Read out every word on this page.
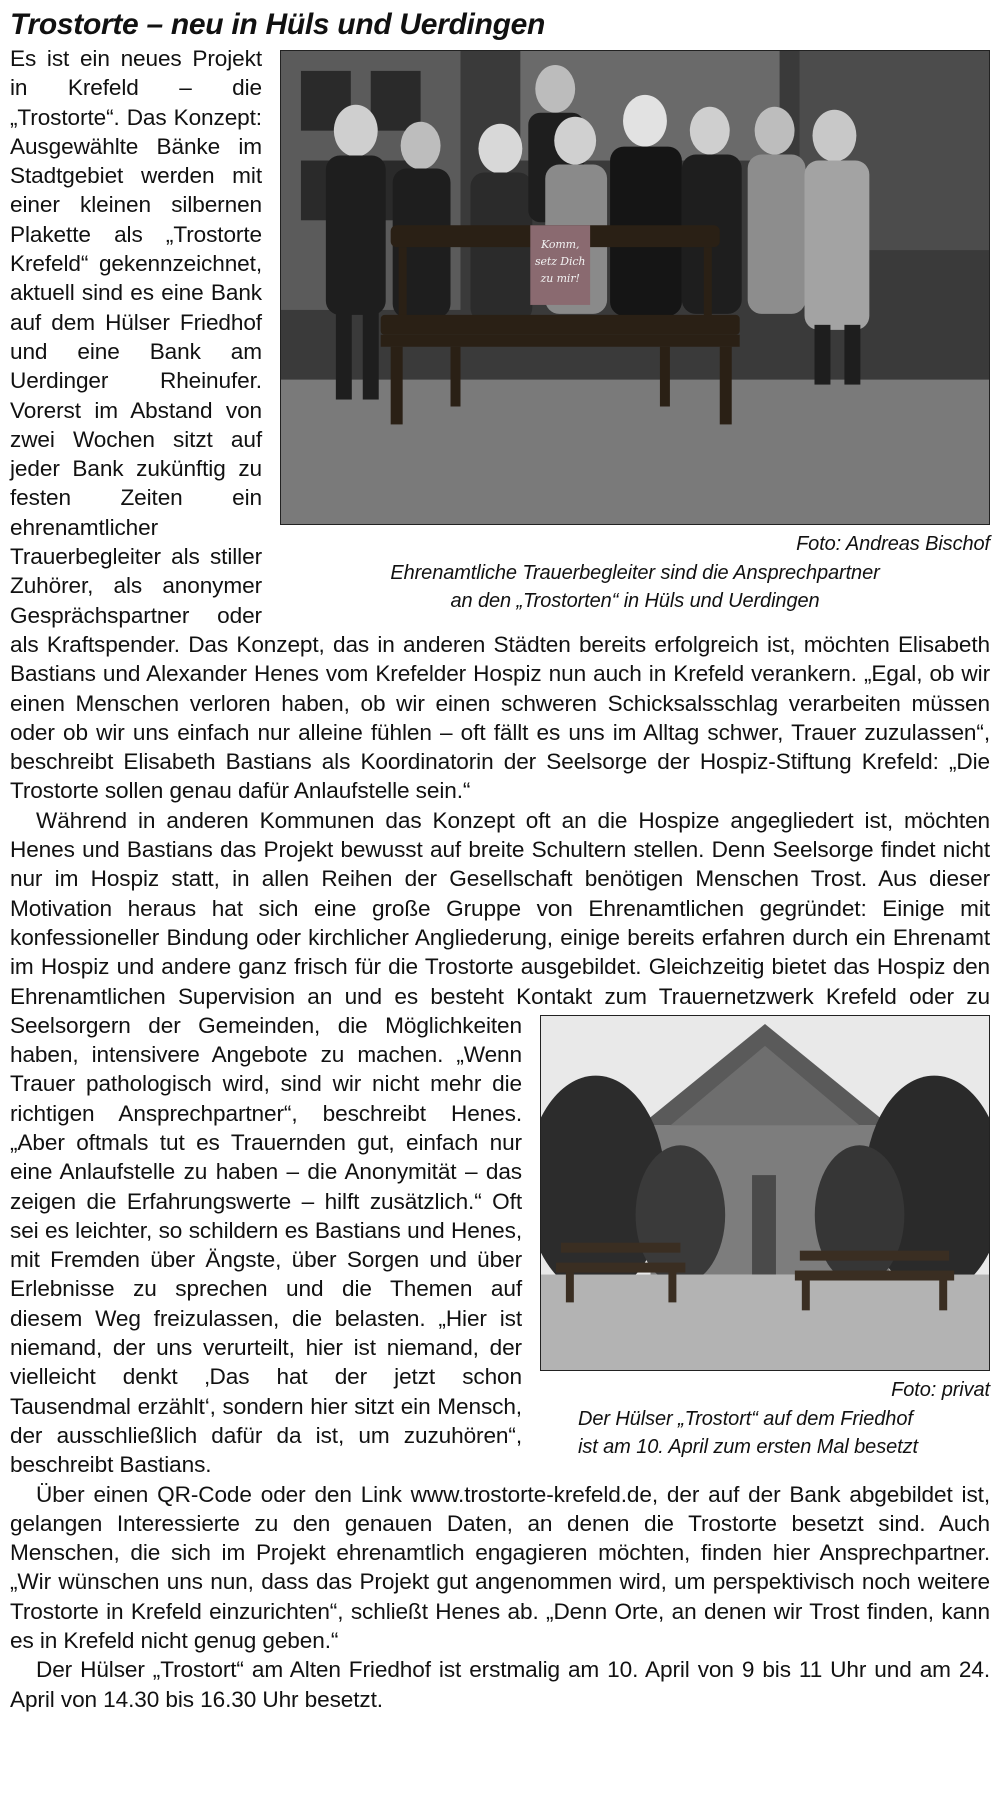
Trostorte – neu in Hüls und Uerdingen
Komm,
setz Dich
zu mir!
Foto: Andreas Bischof
Ehrenamtliche Trauerbegleiter sind die Ansprechpartner
an den „Trostorten“ in Hüls und Uerdingen
Es ist ein neues Projekt in Krefeld – die „Trostorte“. Das Konzept: Ausgewählte Bänke im Stadtgebiet werden mit einer kleinen silbernen Plakette als „Trostorte Krefeld“ gekennzeichnet, aktuell sind es eine Bank auf dem Hülser Friedhof und eine Bank am Uerdinger Rheinufer. Vorerst im Abstand von zwei Wochen sitzt auf jeder Bank zukünftig zu festen Zeiten ein ehrenamtlicher Trauerbegleiter als stiller Zuhörer, als anonymer Gesprächspartner oder als Kraftspender. Das Konzept, das in anderen Städten bereits erfolgreich ist, möchten Elisabeth Bastians und Alexander Henes vom Krefelder Hospiz nun auch in Krefeld verankern. „Egal, ob wir einen Menschen verloren haben, ob wir einen schweren Schicksalsschlag verarbeiten müssen oder ob wir uns einfach nur alleine fühlen – oft fällt es uns im Alltag schwer, Trauer zuzulassen“, beschreibt Elisabeth Bastians als Koordinatorin der Seelsorge der Hospiz-Stiftung Krefeld: „Die Trostorte sollen genau dafür Anlaufstelle sein.“
Während in anderen Kommunen das Konzept oft an die Hospize angegliedert ist, möchten Henes und Bastians das Projekt bewusst auf breite Schultern stellen. Denn Seelsorge findet nicht nur im Hospiz statt, in allen Reihen der Gesellschaft benötigen Menschen Trost. Aus dieser Motivation heraus hat sich eine große Gruppe von Ehrenamtlichen gegründet: Einige mit konfessioneller Bindung oder kirchlicher Angliederung, einige bereits erfahren durch ein Ehrenamt im Hospiz und andere ganz frisch für die Trostorte ausgebildet. Gleichzeitig bietet das Hospiz den Ehrenamtlichen Supervision an und es besteht Kontakt zum Trauernetzwerk Krefeld oder zu Seelsorgern der Gemeinden, die
Foto: privat
Der Hülser „Trostort“ auf dem Friedhof
ist am 10. April zum ersten Mal besetzt
Möglichkeiten haben, intensivere Angebote zu machen. „Wenn Trauer pathologisch wird, sind wir nicht mehr die richtigen Ansprechpartner“, beschreibt Henes. „Aber oftmals tut es Trauernden gut, einfach nur eine Anlaufstelle zu haben – die Anonymität – das zeigen die Erfahrungswerte – hilft zusätzlich.“ Oft sei es leichter, so schildern es Bastians und Henes, mit Fremden über Ängste, über Sorgen und über Erlebnisse zu sprechen und die Themen auf diesem Weg freizulassen, die belasten. „Hier ist niemand, der uns verurteilt, hier ist niemand, der vielleicht denkt ‚Das hat der jetzt schon Tausendmal erzählt‘, sondern hier sitzt ein Mensch, der ausschließlich dafür da ist, um zuzuhören“, beschreibt Bastians.
Über einen QR-Code oder den Link www.trostorte-krefeld.de, der auf der Bank abgebildet ist, gelangen Interessierte zu den genauen Daten, an denen die Trostorte besetzt sind. Auch Menschen, die sich im Projekt ehrenamtlich engagieren möchten, finden hier Ansprechpartner. „Wir wünschen uns nun, dass das Projekt gut angenommen wird, um perspektivisch noch weitere Trostorte in Krefeld einzurichten“, schließt Henes ab. „Denn Orte, an denen wir Trost finden, kann es in Krefeld nicht genug geben.“
Der Hülser „Trostort“ am Alten Friedhof ist erstmalig am 10. April von 9 bis 11 Uhr und am 24. April von 14.30 bis 16.30 Uhr besetzt.
